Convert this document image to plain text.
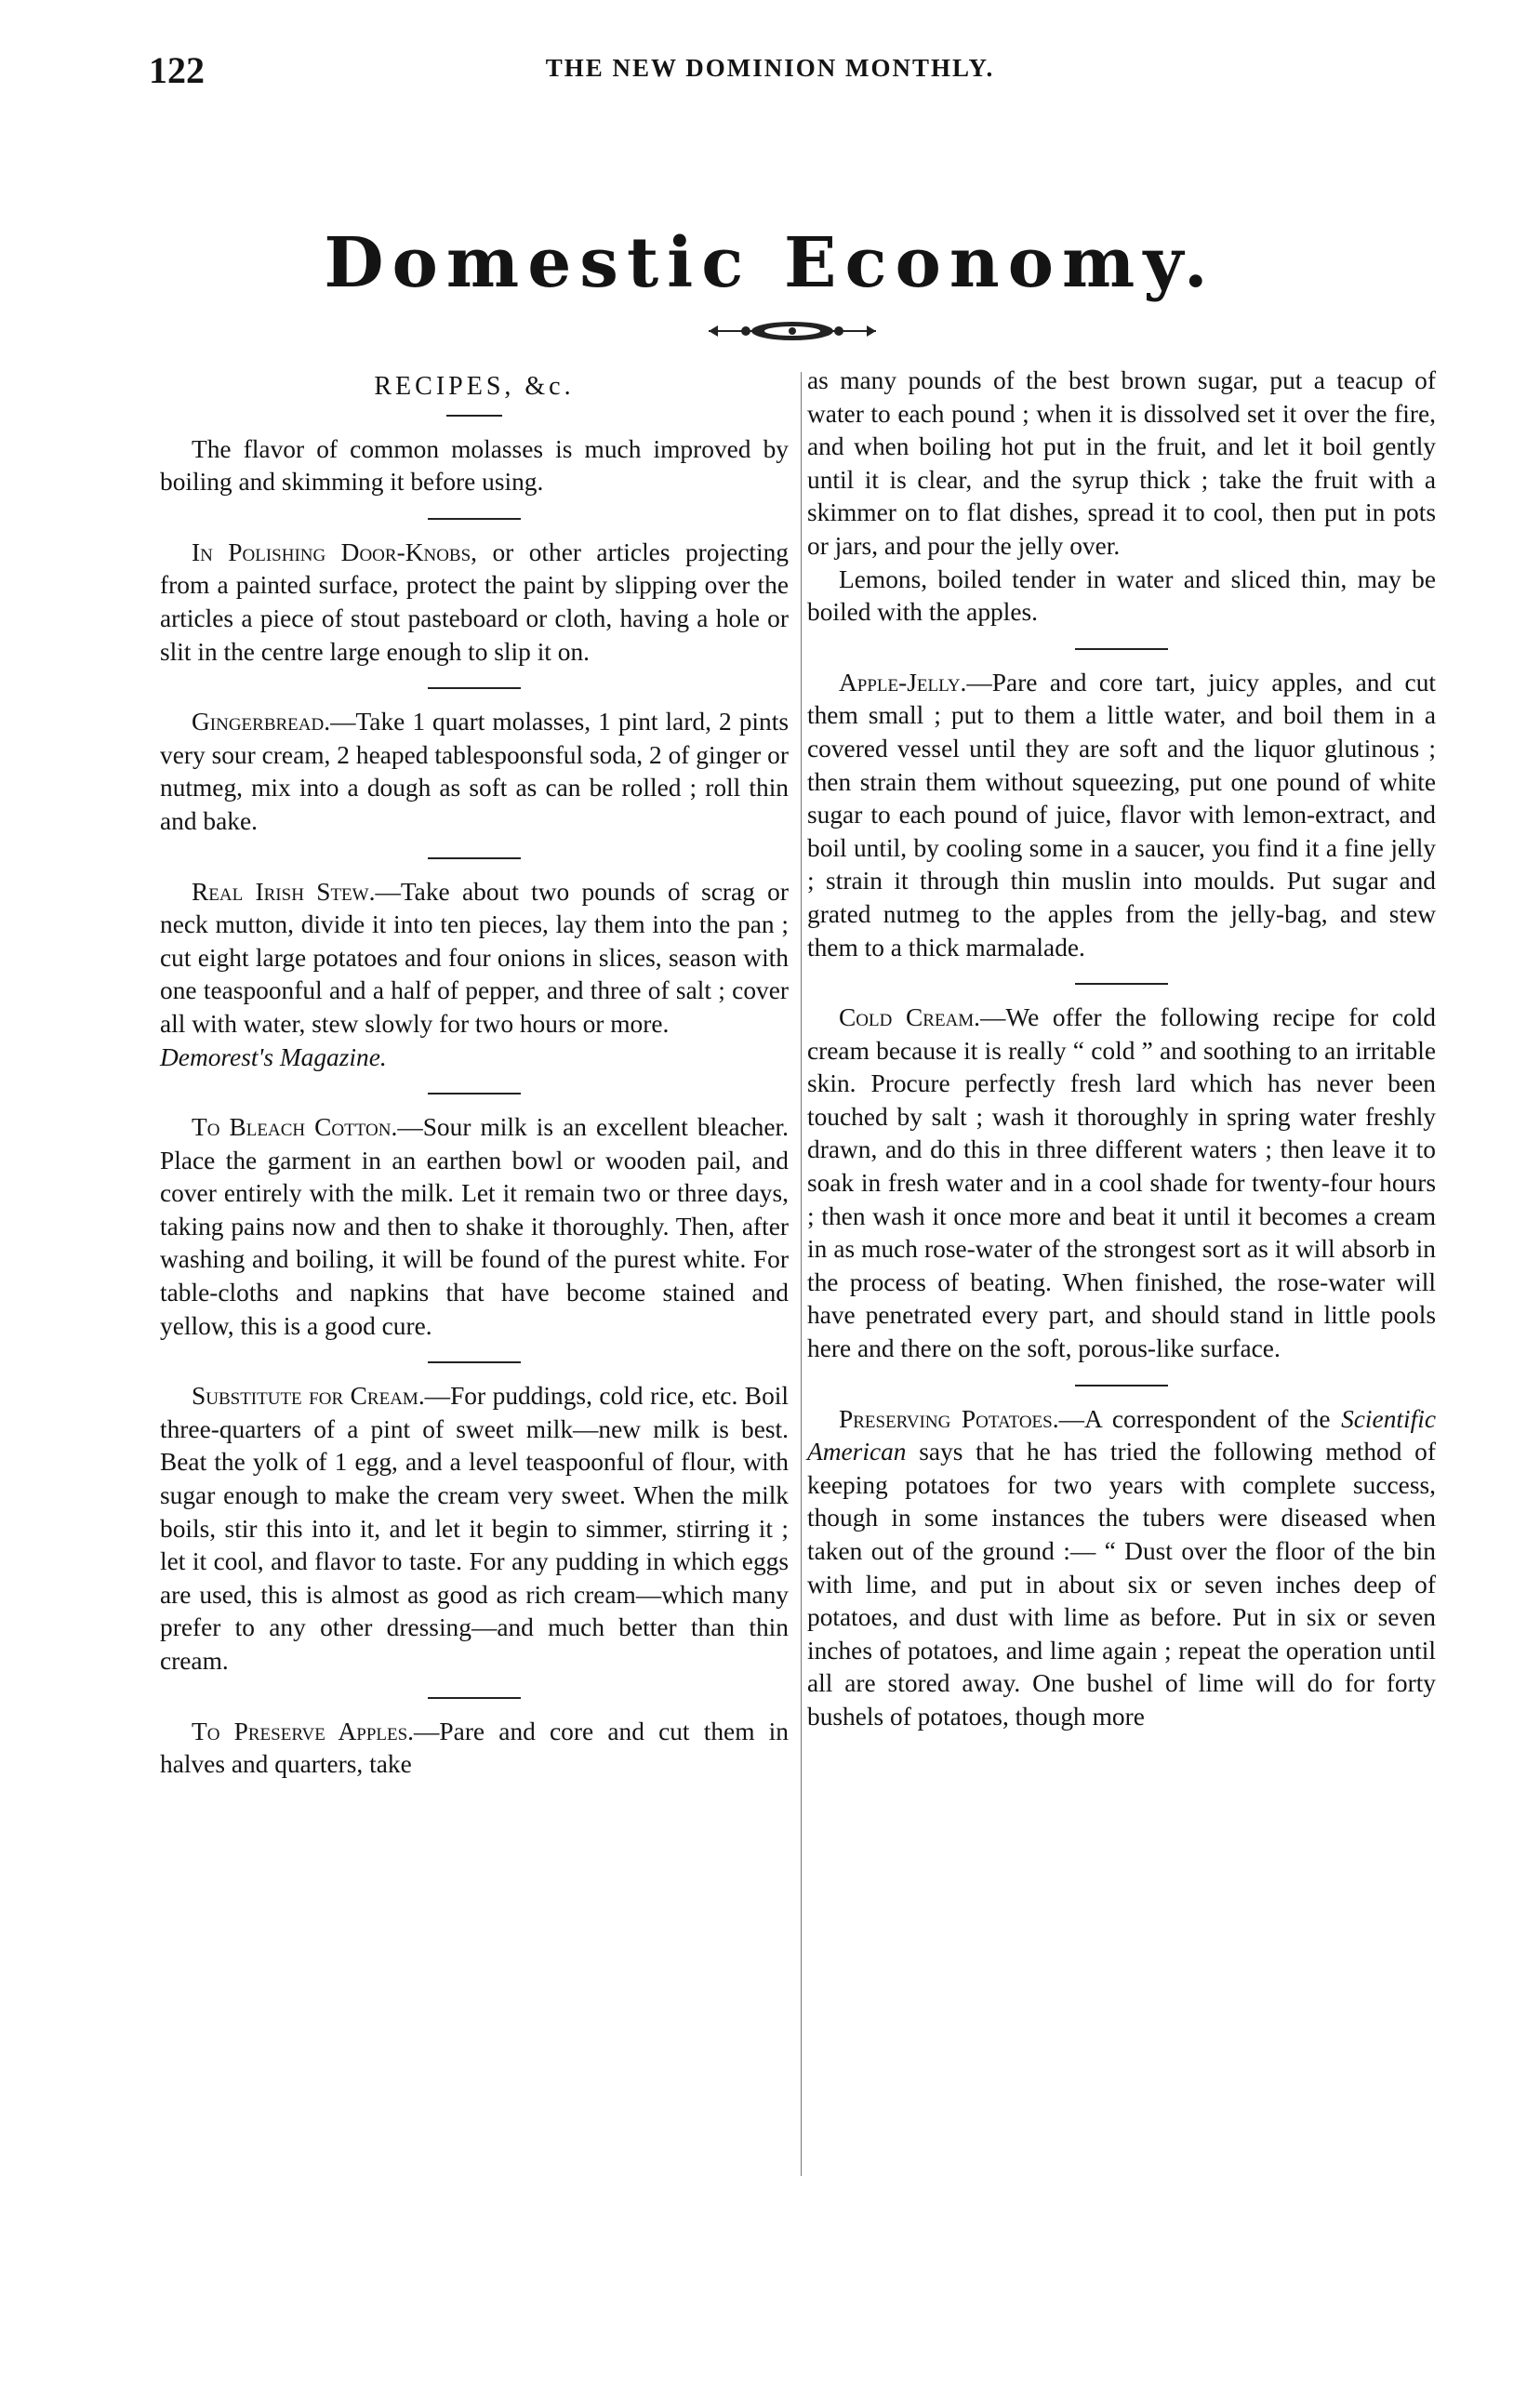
122	THE NEW DOMINION MONTHLY.
Domestic Economy.
RECIPES, &c.

The flavor of common molasses is much improved by boiling and skimming it before using.

In Polishing Door-Knobs, or other articles projecting from a painted surface, protect the paint by slipping over the articles a piece of stout pasteboard or cloth, having a hole or slit in the centre large enough to slip it on.

Gingerbread.—Take 1 quart molasses, 1 pint lard, 2 pints very sour cream, 2 heaped tablespoonsful soda, 2 of ginger or nutmeg, mix into a dough as soft as can be rolled ; roll thin and bake.

Real Irish Stew.—Take about two pounds of scrag or neck mutton, divide it into ten pieces, lay them into the pan ; cut eight large potatoes and four onions in slices, season with one teaspoonful and a half of pepper, and three of salt ; cover all with water, stew slowly for two hours or more.

Demorest's Magazine.

To Bleach Cotton.—Sour milk is an excellent bleacher. Place the garment in an earthen bowl or wooden pail, and cover entirely with the milk. Let it remain two or three days, taking pains now and then to shake it thoroughly. Then, after washing and boiling, it will be found of the purest white. For table-cloths and napkins that have become stained and yellow, this is a good cure.

Substitute for Cream.—For puddings, cold rice, etc. Boil three-quarters of a pint of sweet milk—new milk is best. Beat the yolk of 1 egg, and a level teaspoonful of flour, with sugar enough to make the cream very sweet. When the milk boils, stir this into it, and let it begin to simmer, stirring it ; let it cool, and flavor to taste. For any pudding in which eggs are used, this is almost as good as rich cream—which many prefer to any other dressing—and much better than thin cream.

To Preserve Apples.—Pare and core and cut them in halves and quarters, take

as many pounds of the best brown sugar, put a teacup of water to each pound ; when it is dissolved set it over the fire, and when boiling hot put in the fruit, and let it boil gently until it is clear, and the syrup thick ; take the fruit with a skimmer on to flat dishes, spread it to cool, then put in pots or jars, and pour the jelly over.

Lemons, boiled tender in water and sliced thin, may be boiled with the apples.

Apple-Jelly.—Pare and core tart, juicy apples, and cut them small ; put to them a little water, and boil them in a covered vessel until they are soft and the liquor glutinous ; then strain them without squeezing, put one pound of white sugar to each pound of juice, flavor with lemon-extract, and boil until, by cooling some in a saucer, you find it a fine jelly ; strain it through thin muslin into moulds. Put sugar and grated nutmeg to the apples from the jelly-bag, and stew them to a thick marmalade.

Cold Cream.—We offer the following recipe for cold cream because it is really “ cold ” and soothing to an irritable skin. Procure perfectly fresh lard which has never been touched by salt ; wash it thoroughly in spring water freshly drawn, and do this in three different waters ; then leave it to soak in fresh water and in a cool shade for twenty-four hours ; then wash it once more and beat it until it becomes a cream in as much rose-water of the strongest sort as it will absorb in the process of beating. When finished, the rose-water will have penetrated every part, and should stand in little pools here and there on the soft, porous-like surface.

Preserving Potatoes.—A correspondent of the Scientific American says that he has tried the following method of keeping potatoes for two years with complete success, though in some instances the tubers were diseased when taken out of the ground :— “ Dust over the floor of the bin with lime, and put in about six or seven inches deep of potatoes, and dust with lime as before. Put in six or seven inches of potatoes, and lime again ; repeat the operation until all are stored away. One bushel of lime will do for forty bushels of potatoes, though more
